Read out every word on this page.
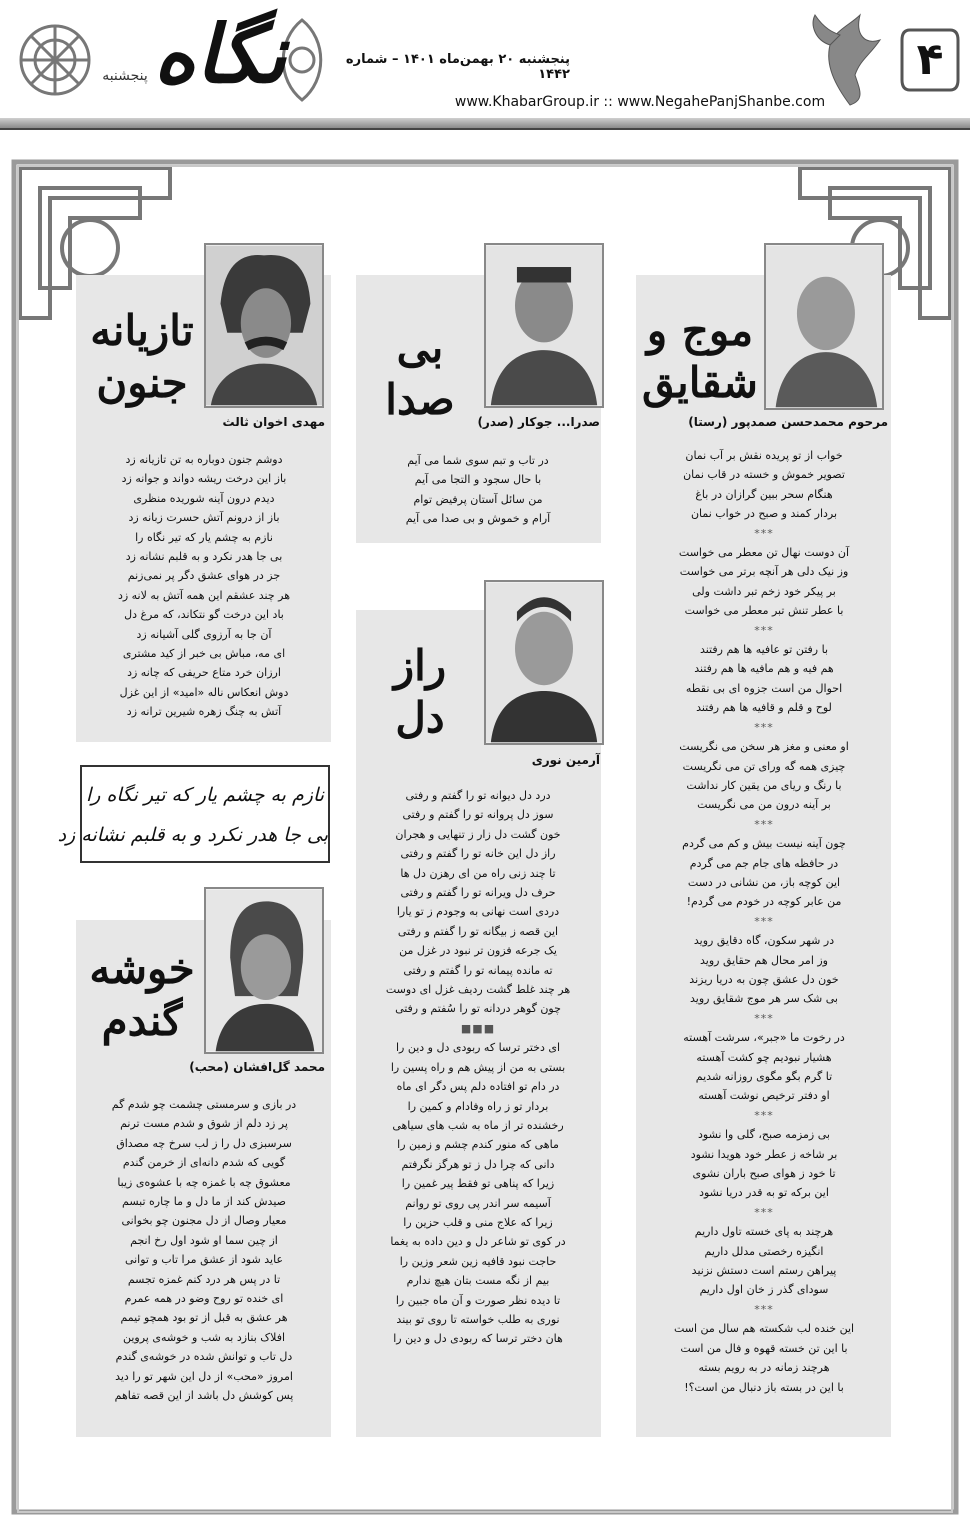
نگاه
پنجشنبه
پنجشنبه ۲۰ بهمن‌ماه ۱۴۰۱ – شماره ۱۴۴۲
www.KhabarGroup.ir :: www.NegahePanjShanbe.com
۴
موج و
شقایق
مرحوم محمدحسن صمدپور (رستا)
خواب از تو پریده نقش بر آب نمان
تصویر خموش و خسته در قاب نمان
هنگام سحر ببین گرازان در باغ
بردار کمند و صبح در خواب نمان
***
آن دوست نهال تن معطر می خواست
وز نیک دلی هر آنچه برتر می خواست
بر پیکر خود زخم تبر داشت ولی
با عطر تنش تبر معطر می خواست
***
با رفتن تو عافیه ها هم رفتند
هم فیه و هم مافیه ها هم رفتند
احوال من است جزوه ای بی نقطه
لوح و قلم و قافیه ها هم رفتند
***
او معنی و مغز هر سخن می نگریست
چیزی همه گه ورای تن می نگریست
با رنگ و ریای من یقین کار نداشت
بر آینه درون من می نگریست
***
چون آینه نیست بیش و کم می گردم
در حافظه های جام جم می گردم
این کوچه باز، من نشانی در دست
من عابر کوچه در خودم می گردم!
***
در شهر سکون، گاه دقایق روید
وز امر محال هم حقایق روید
خون دل عشق چون به دریا ریزند
بی شک سر هر موج شقایق روید
***
در رخوت ما «جبر»، سرشت آهسته
هشیار نبودیم چو کشت آهسته
تا گرم بگو مگوی روزانه شدیم
او دفتر ترخیص نوشت آهسته
***
بی زمزمه صبح، گلی وا نشود
بر شاخه ز عطر خود هویدا نشود
تا خود ز هوای صبح باران نشوی
این برکه تو به قدر دریا نشود
***
هرچند به پای خسته تاول داریم
انگیزه رخصتی مدلل داریم
پیراهن رستم است دستش نزنید
سودای گذر ز خان اول داریم
***
این خنده لب شکسته هم سال من است
با این تن خسته قهوه و فال من است
هرچند زمانه در به رویم بسته
با این در بسته باز دنبال من است؟!
بی صدا	صدرا... جوکار (صدر)
در تاب و تبم سوی شما می آیم
با حال سجود و التجا می آیم
من سائل آستان پرفیض توام
آرام و خموش و بی صدا می آیم
راز
دل
آرمین نوری
درد دل دیوانه تو را گفتم و رفتی
سوز دل پروانه تو را گفتم و رفتی
خون گشت دل زار ز تنهایی و هجران
راز دل این خانه تو را گفتم و رفتی
تا چند زنی راه من ای رهزن دل ها
حرف دل ویرانه تو را گفتم و رفتی
دردی است نهانی به وجودم ز تو یارا
این قصه ز بیگانه تو را گفتم و رفتی
یک جرعه فزون تر نبود در غزل من
ته مانده پیمانه تو را گفتم و رفتی
هر چند غلط گشت ردیف غزل ای دوست
چون گوهر دردانه تو را سُفتم و رفتی
■■■
ای دختر ترسا که ربودی دل و دین را
بستی به من از پیش هم و راه پسین را
در دام تو افتاده دلم پس دگر ای ماه
بردار تو ز راه وفادام و کمین را
رخشنده تر از ماه به شب های سیاهی
ماهی که منور کندم چشم و زمین را
دانی که چرا دل ز تو هرگز نگرفتم
زیرا که پناهی تو فقط پیر غمین را
آسیمه سر اندر پی روی تو روانم
زیرا که علاج منی و قلب حزین را
در کوی تو شاعر دل و دین داده به یغما
حاجت نبود قافیه زین شعر وزین را
بیم از نگه مست بتان هیچ ندارم
تا دیده نظر صورت و آن ماه جبین را
نوری به طلب خواسته تا روی تو بیند
هان دختر ترسا که ربودی دل و دین را
تازیانه
جنون
مهدی اخوان ثالث
دوشم جنون دوباره به تن تازیانه زد
باز این درخت ریشه دواند و جوانه زد
دیدم درون آینه شوریده منظری
باز از درونم آتش حسرت زبانه زد
نازم به چشم یار که تیر نگاه را
بی جا هدر نکرد و به قلبم نشانه زد
جز در هوای عشق دگر پر نمی‌زنم
هر چند عشقم این همه آتش به لانه زد
باد این درخت گو نتکاند، که مرغ دل
آن جا به آرزوی گلی آشیانه زد
ای مه، مباش بی خبر از کید مشتری
ارزان خرد متاع حریفی که چانه زد
دوش انعکاس ناله «امید» از این غزل
آتش به چنگ زهره شیرین ترانه زد
نازم به چشم یار که تیر نگاه را
بی جا هدر نکرد و به قلبم نشانه زد
خوشه
گندم
محمد گل‌افشان (محب)
در بازی و سرمستی چشمت چو شدم گم
پر زد دلم از شوق و شدم مست ترنم
سرسبزی دل را ز لب سرخ چه مصداق
گویی که شدم دانه‌ای از خرمن گندم
معشوق چه با غمزه چه با عشوه‌ی زیبا
صیدش کند از ما دل و ما چاره تبسم
معیار وصال از دل مجنون چو بخوانی
از چین سما او شود اول رخ انجم
عاید شود از عشق مرا تاب و توانی
تا در پس هر درد کنم غمزه تجسم
ای خنده تو روح وضو در همه عمرم
هر عشق به قبل از تو بود همچو تیمم
افلاک بنازد به شب و خوشه‌ی پروین
دل تاب و توانش شده در خوشه‌ی گندم
امروز «محب» از دل این شهر تو را دید
پس کوشش دل باشد از این قصه تفاهم
